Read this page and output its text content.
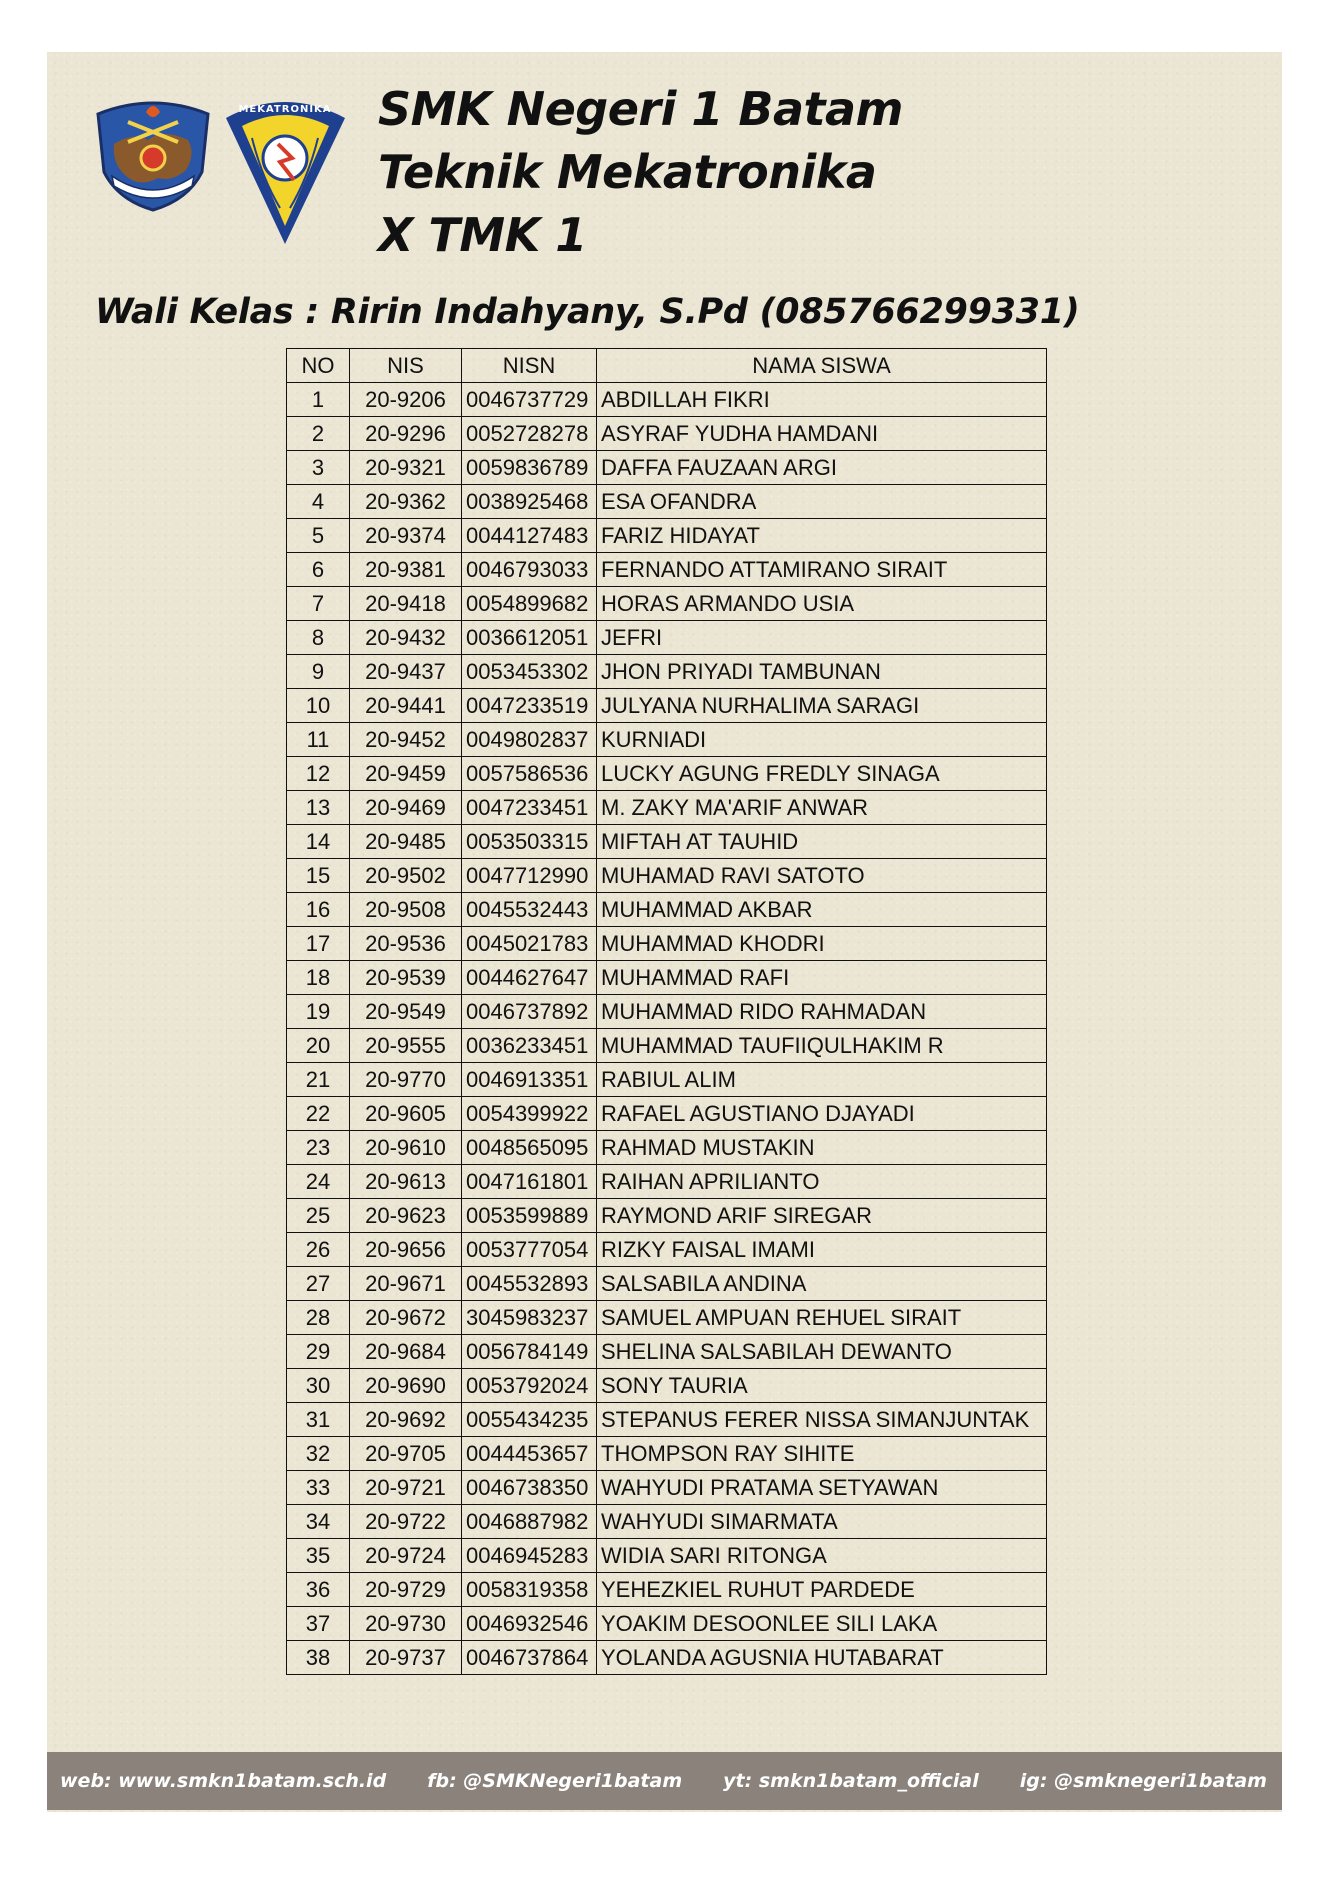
MEKATRONIKA SMK Negeri 1 Batam
Teknik Mekatronika
X TMK 1
Wali Kelas : Ririn Indahyany, S.Pd (085766299331)
NO	NIS	NISN	NAMA SISWA
1	20-9206	0046737729	ABDILLAH FIKRI
2	20-9296	0052728278	ASYRAF YUDHA HAMDANI
3	20-9321	0059836789	DAFFA FAUZAAN ARGI
4	20-9362	0038925468	ESA OFANDRA
5	20-9374	0044127483	FARIZ HIDAYAT
6	20-9381	0046793033	FERNANDO ATTAMIRANO SIRAIT
7	20-9418	0054899682	HORAS ARMANDO USIA
8	20-9432	0036612051	JEFRI
9	20-9437	0053453302	JHON PRIYADI TAMBUNAN
10	20-9441	0047233519	JULYANA NURHALIMA SARAGI
11	20-9452	0049802837	KURNIADI
12	20-9459	0057586536	LUCKY AGUNG FREDLY SINAGA
13	20-9469	0047233451	M. ZAKY MA'ARIF ANWAR
14	20-9485	0053503315	MIFTAH AT TAUHID
15	20-9502	0047712990	MUHAMAD RAVI SATOTO
16	20-9508	0045532443	MUHAMMAD AKBAR
17	20-9536	0045021783	MUHAMMAD KHODRI
18	20-9539	0044627647	MUHAMMAD RAFI
19	20-9549	0046737892	MUHAMMAD RIDO RAHMADAN
20	20-9555	0036233451	MUHAMMAD TAUFIIQULHAKIM R
21	20-9770	0046913351	RABIUL ALIM
22	20-9605	0054399922	RAFAEL AGUSTIANO DJAYADI
23	20-9610	0048565095	RAHMAD MUSTAKIN
24	20-9613	0047161801	RAIHAN APRILIANTO
25	20-9623	0053599889	RAYMOND ARIF SIREGAR
26	20-9656	0053777054	RIZKY FAISAL IMAMI
27	20-9671	0045532893	SALSABILA ANDINA
28	20-9672	3045983237	SAMUEL AMPUAN REHUEL SIRAIT
29	20-9684	0056784149	SHELINA SALSABILAH DEWANTO
30	20-9690	0053792024	SONY TAURIA
31	20-9692	0055434235	STEPANUS FERER NISSA SIMANJUNTAK
32	20-9705	0044453657	THOMPSON RAY SIHITE
33	20-9721	0046738350	WAHYUDI PRATAMA SETYAWAN
34	20-9722	0046887982	WAHYUDI SIMARMATA
35	20-9724	0046945283	WIDIA SARI RITONGA
36	20-9729	0058319358	YEHEZKIEL RUHUT PARDEDE
37	20-9730	0046932546	YOAKIM DESOONLEE SILI LAKA
38	20-9737	0046737864	YOLANDA AGUSNIA HUTABARAT
web: www.smkn1batam.sch.id fb: @SMKNegeri1batam yt: smkn1batam_official ig: @smknegeri1batam
